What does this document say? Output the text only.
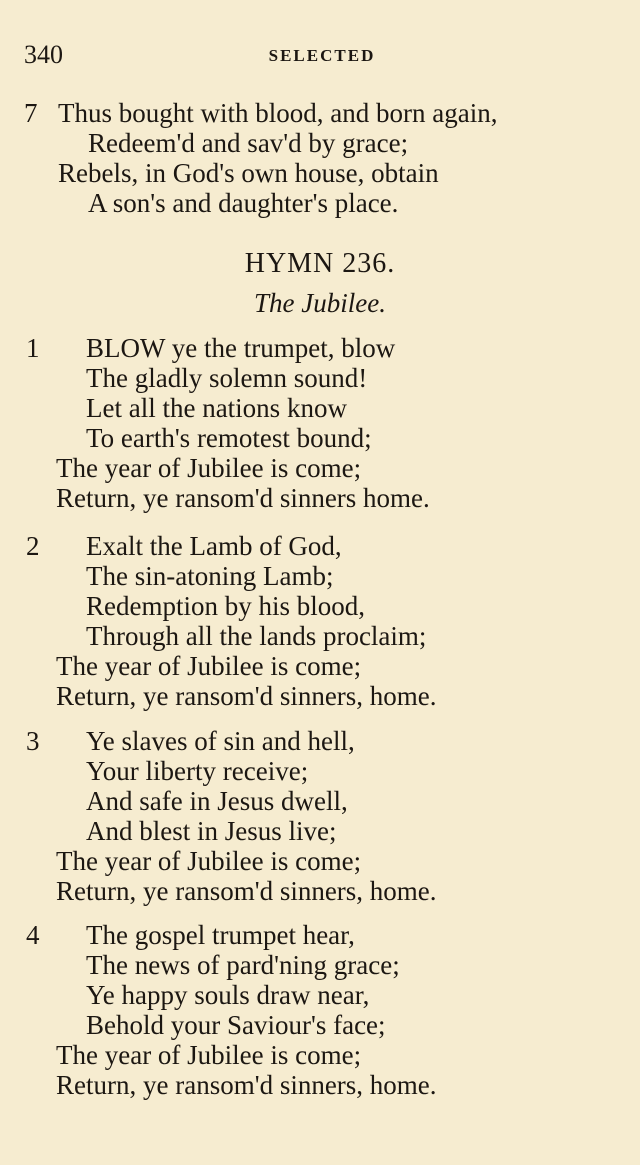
340	SELECTED
7 Thus bought with blood, and born again,
Redeem'd and sav'd by grace;
Rebels, in God's own house, obtain
A son's and daughter's place.
HYMN 236.
The Jubilee.
1 BLOW ye the trumpet, blow
The gladly solemn sound!
Let all the nations know
To earth's remotest bound;
The year of Jubilee is come;
Return, ye ransom'd sinners home.
2 Exalt the Lamb of God,
The sin-atoning Lamb;
Redemption by his blood,
Through all the lands proclaim;
The year of Jubilee is come;
Return, ye ransom'd sinners, home.
3 Ye slaves of sin and hell,
Your liberty receive;
And safe in Jesus dwell,
And blest in Jesus live;
The year of Jubilee is come;
Return, ye ransom'd sinners, home.
4 The gospel trumpet hear,
The news of pard'ning grace;
Ye happy souls draw near,
Behold your Saviour's face;
The year of Jubilee is come;
Return, ye ransom'd sinners, home.
